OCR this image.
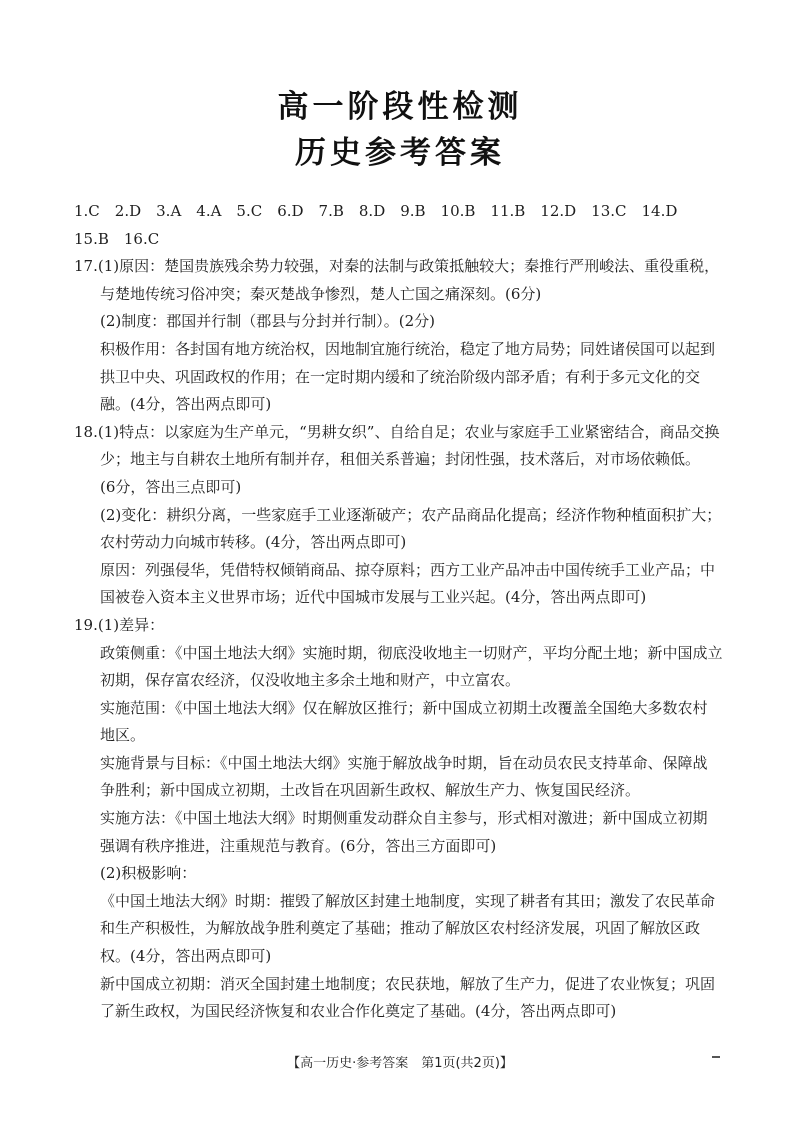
高一阶段性检测
历史参考答案

1.C　2.D　3.A　4.A　5.C　6.D　7.B　8.D　9.B　10.B　11.B　12.D　13.C　14.D

15.B　16.C

17.(1)原因：楚国贵族残余势力较强，对秦的法制与政策抵触较大；秦推行严刑峻法、重役重税，

与楚地传统习俗冲突；秦灭楚战争惨烈，楚人亡国之痛深刻。(6分)

(2)制度：郡国并行制（郡县与分封并行制）。(2分)

积极作用：各封国有地方统治权，因地制宜施行统治，稳定了地方局势；同姓诸侯国可以起到

拱卫中央、巩固政权的作用；在一定时期内缓和了统治阶级内部矛盾；有利于多元文化的交

融。(4分，答出两点即可)

18.(1)特点：以家庭为生产单元，“男耕女织”、自给自足；农业与家庭手工业紧密结合，商品交换

少；地主与自耕农土地所有制并存，租佃关系普遍；封闭性强，技术落后，对市场依赖低。

(6分，答出三点即可)

(2)变化：耕织分离，一些家庭手工业逐渐破产；农产品商品化提高；经济作物种植面积扩大；

农村劳动力向城市转移。(4分，答出两点即可)

原因：列强侵华，凭借特权倾销商品、掠夺原料；西方工业产品冲击中国传统手工业产品；中

国被卷入资本主义世界市场；近代中国城市发展与工业兴起。(4分，答出两点即可)

19.(1)差异：

政策侧重：《中国土地法大纲》实施时期，彻底没收地主一切财产，平均分配土地；新中国成立

初期，保存富农经济，仅没收地主多余土地和财产，中立富农。

实施范围：《中国土地法大纲》仅在解放区推行；新中国成立初期土改覆盖全国绝大多数农村

地区。

实施背景与目标：《中国土地法大纲》实施于解放战争时期，旨在动员农民支持革命、保障战

争胜利；新中国成立初期，土改旨在巩固新生政权、解放生产力、恢复国民经济。

实施方法：《中国土地法大纲》时期侧重发动群众自主参与，形式相对激进；新中国成立初期

强调有秩序推进，注重规范与教育。(6分，答出三方面即可)

(2)积极影响：

《中国土地法大纲》时期：摧毁了解放区封建土地制度，实现了耕者有其田；激发了农民革命

和生产积极性，为解放战争胜利奠定了基础；推动了解放区农村经济发展，巩固了解放区政

权。(4分，答出两点即可)

新中国成立初期：消灭全国封建土地制度；农民获地，解放了生产力，促进了农业恢复；巩固

了新生政权，为国民经济恢复和农业合作化奠定了基础。(4分，答出两点即可)

【高一历史·参考答案　第1页(共2页)】
